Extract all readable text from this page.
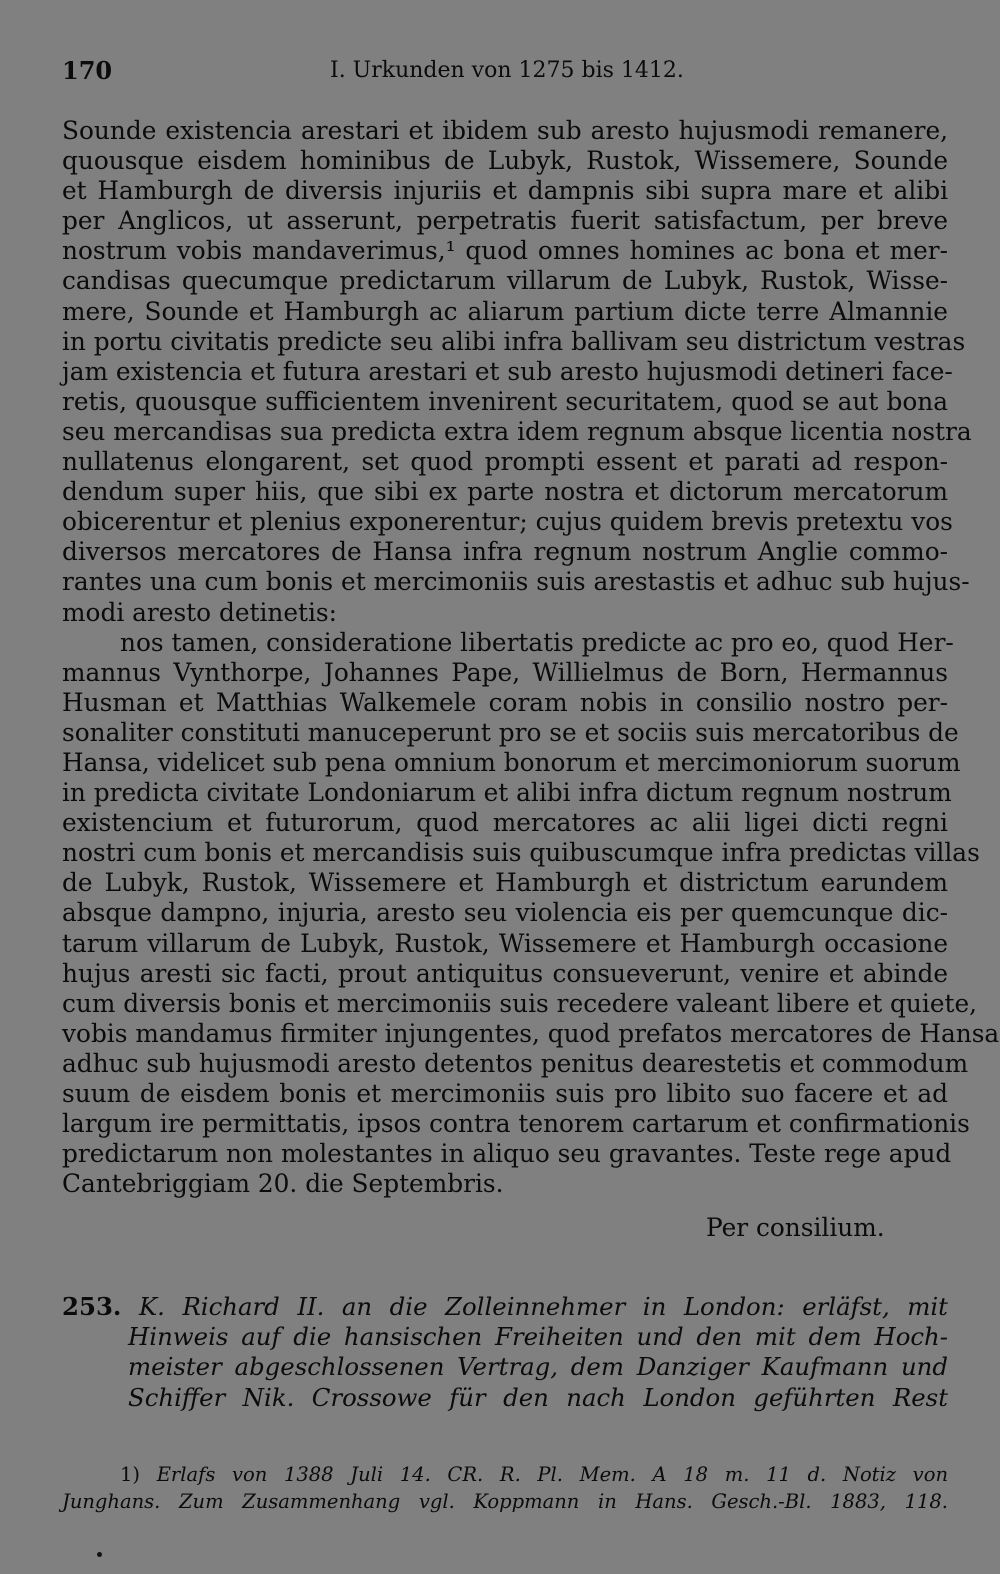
170	I. Urkunden von 1275 bis 1412.
Sounde existencia arestari et ibidem sub aresto hujusmodi remanere,
quousque eisdem hominibus de Lubyk, Rustok, Wissemere, Sounde
et Hamburgh de diversis injuriis et dampnis sibi supra mare et alibi
per Anglicos, ut asserunt, perpetratis fuerit satisfactum, per breve
nostrum vobis mandaverimus,¹ quod omnes homines ac bona et mer-
candisas quecumque predictarum villarum de Lubyk, Rustok, Wisse-
mere, Sounde et Hamburgh ac aliarum partium dicte terre Almannie
in portu civitatis predicte seu alibi infra ballivam seu districtum vestras
jam existencia et futura arestari et sub aresto hujusmodi detineri face-
retis, quousque sufficientem invenirent securitatem, quod se aut bona
seu mercandisas sua predicta extra idem regnum absque licentia nostra
nullatenus elongarent, set quod prompti essent et parati ad respon-
dendum super hiis, que sibi ex parte nostra et dictorum mercatorum
obicerentur et plenius exponerentur; cujus quidem brevis pretextu vos
diversos mercatores de Hansa infra regnum nostrum Anglie commo-
rantes una cum bonis et mercimoniis suis arestastis et adhuc sub hujus-
modi aresto detinetis:
nos tamen, consideratione libertatis predicte ac pro eo, quod Her-
mannus Vynthorpe, Johannes Pape, Willielmus de Born, Hermannus
Husman et Matthias Walkemele coram nobis in consilio nostro per-
sonaliter constituti manuceperunt pro se et sociis suis mercatoribus de
Hansa, videlicet sub pena omnium bonorum et mercimoniorum suorum
in predicta civitate Londoniarum et alibi infra dictum regnum nostrum
existencium et futurorum, quod mercatores ac alii ligei dicti regni
nostri cum bonis et mercandisis suis quibuscumque infra predictas villas
de Lubyk, Rustok, Wissemere et Hamburgh et districtum earundem
absque dampno, injuria, aresto seu violencia eis per quemcunque dic-
tarum villarum de Lubyk, Rustok, Wissemere et Hamburgh occasione
hujus aresti sic facti, prout antiquitus consueverunt, venire et abinde
cum diversis bonis et mercimoniis suis recedere valeant libere et quiete,
vobis mandamus firmiter injungentes, quod prefatos mercatores de Hansa
adhuc sub hujusmodi aresto detentos penitus dearestetis et commodum
suum de eisdem bonis et mercimoniis suis pro libito suo facere et ad
largum ire permittatis, ipsos contra tenorem cartarum et confirmationis
predictarum non molestantes in aliquo seu gravantes. Teste rege apud
Cantebriggiam 20. die Septembris.
Per consilium.
253. K. Richard II. an die Zolleinnehmer in London: erläfst, mit
Hinweis auf die hansischen Freiheiten und den mit dem Hoch-
meister abgeschlossenen Vertrag, dem Danziger Kaufmann und
Schiffer Nik. Crossowe für den nach London geführten Rest
1) Erlafs von 1388 Juli 14. CR. R. Pl. Mem. A 18 m. 11 d. Notiz von
Junghans. Zum Zusammenhang vgl. Koppmann in Hans. Gesch.-Bl. 1883, 118.
